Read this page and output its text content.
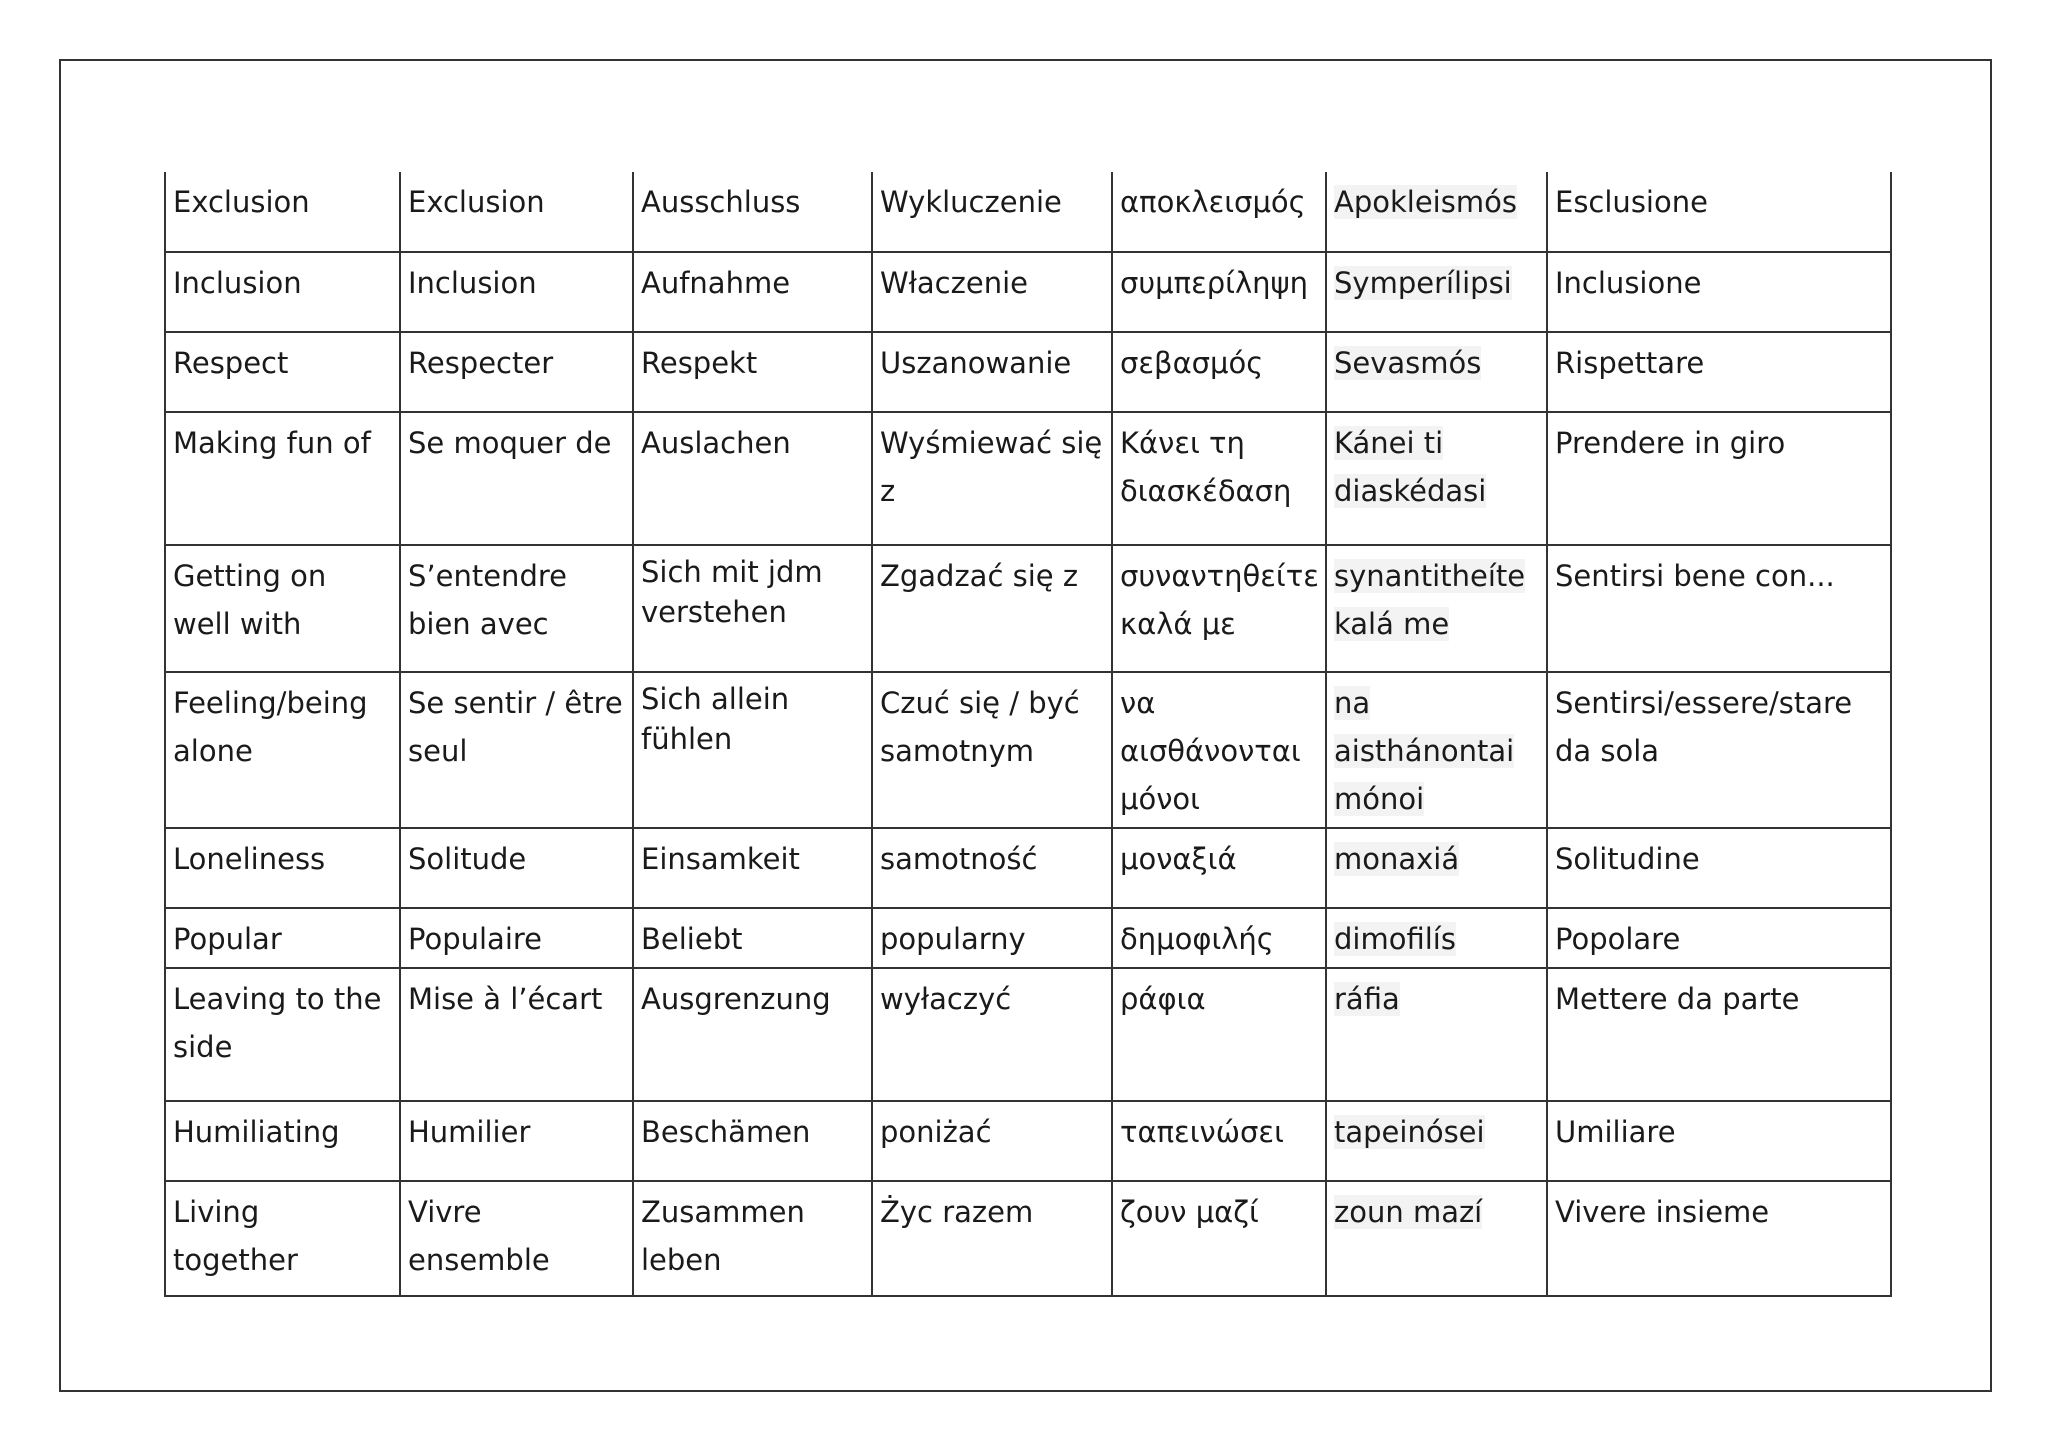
Exclusion	Exclusion	Ausschluss	Wykluczenie	αποκλεισμός	Apokleismós	Esclusione
Inclusion	Inclusion	Aufnahme	Właczenie	συμπερίληψη	Symperílipsi	Inclusione
Respect	Respecter	Respekt	Uszanowanie	σεβασμός	Sevasmós	Rispettare
Making fun of	Se moquer de	Auslachen	Wyśmiewać się z	Κάνει τη διασκέδαση	Kánei ti diaskédasi	Prendere in giro
Getting on well with	S’entendre bien avec	Sich mit jdm verstehen	Zgadzać się z	συναντηθείτε καλά με	synantitheíte kalá me	Sentirsi bene con...
Feeling/being alone	Se sentir / être seul	Sich allein fühlen	Czuć się / być samotnym	να αισθάνονται μόνοι	na aisthánontai mónoi	Sentirsi/essere/stare da sola
Loneliness	Solitude	Einsamkeit	samotność	μοναξιά	monaxiá	Solitudine
Popular	Populaire	Beliebt	popularny	δημοφιλής	dimofilís	Popolare
Leaving to the side	Mise à l’écart	Ausgrenzung	wyłaczyć	ράφια	ráfia	Mettere da parte
Humiliating	Humilier	Beschämen	poniżać	ταπεινώσει	tapeinósei	Umiliare
Living together	Vivre ensemble	Zusammen leben	Życ razem	ζουν μαζί	zoun mazí	Vivere insieme
